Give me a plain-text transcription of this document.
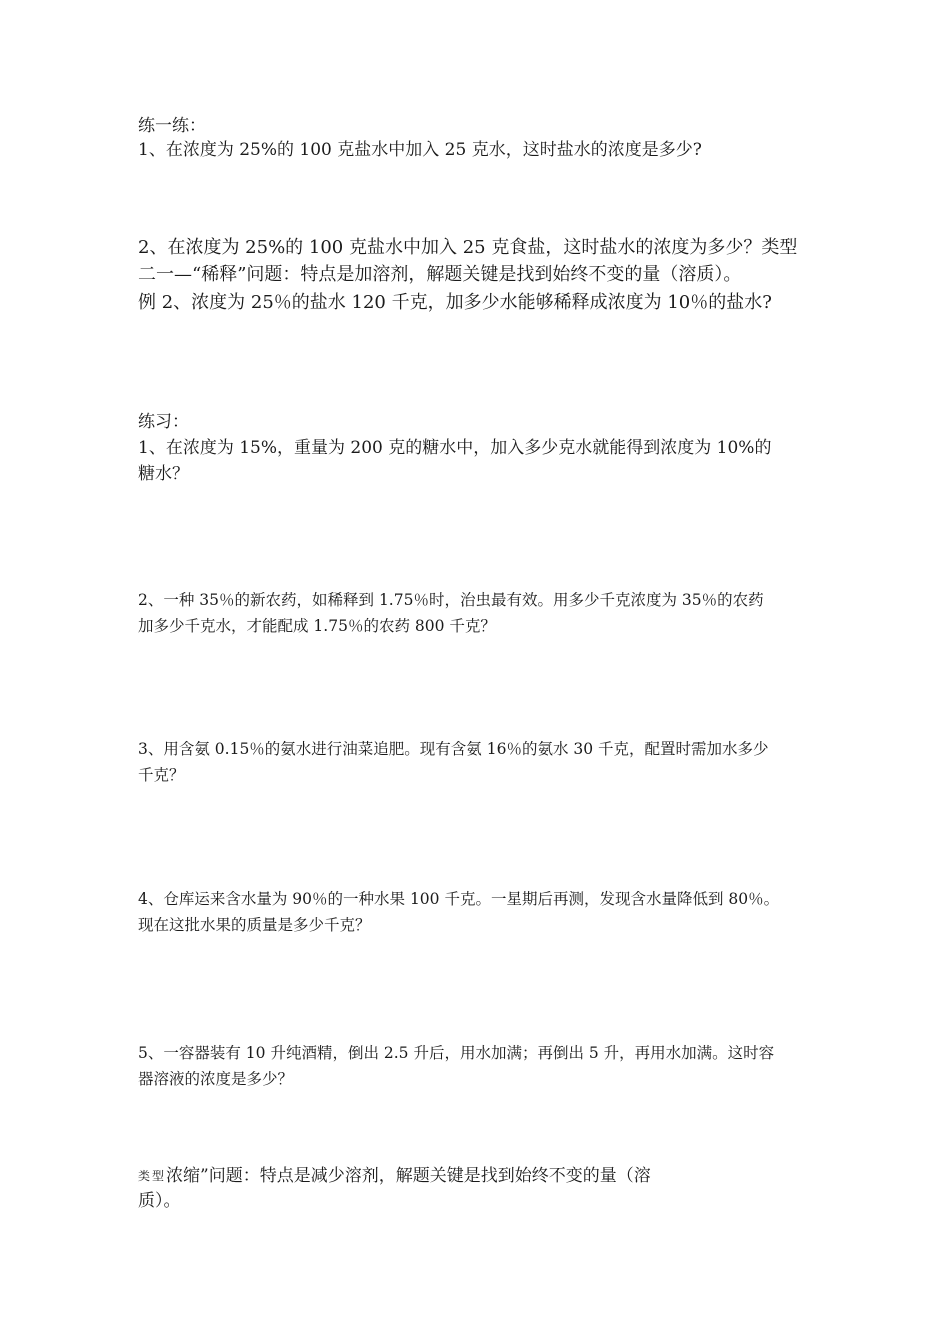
练一练：
1、在浓度为 25%的 100 克盐水中加入 25 克水，这时盐水的浓度是多少?
2、在浓度为 25%的 100 克盐水中加入 25 克食盐，这时盐水的浓度为多少？类型
二一—“稀释”问题：特点是加溶剂，解题关键是找到始终不变的量（溶质）。
例 2、浓度为 25％的盐水 120 千克，加多少水能够稀释成浓度为 10％的盐水?
练习：
1、在浓度为 15%，重量为 200 克的糖水中，加入多少克水就能得到浓度为 10%的
糖水？
2、一种 35％的新农药，如稀释到 1.75％时，治虫最有效。用多少千克浓度为 35％的农药
加多少千克水，才能配成 1.75％的农药 800 千克？
3、用含氨 0.15％的氨水进行油菜追肥。现有含氨 16％的氨水 30 千克，配置时需加水多少
千克？
4、仓库运来含水量为 90％的一种水果 100 千克。一星期后再测，发现含水量降低到 80％。
现在这批水果的质量是多少千克？
5、一容器装有 10 升纯酒精，倒出 2.5 升后，用水加满；再倒出 5 升，再用水加满。这时容
器溶液的浓度是多少？
类型浓缩”问题：特点是减少溶剂，解题关键是找到始终不变的量（溶
质）。
